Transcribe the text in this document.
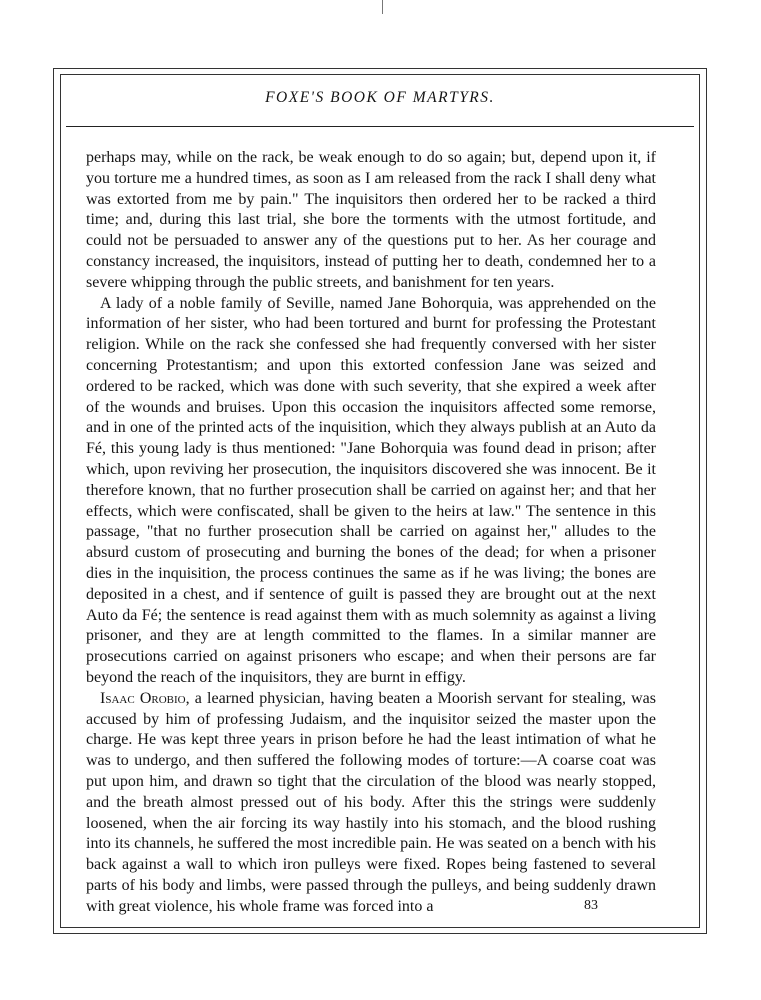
FOXE'S BOOK OF MARTYRS.

perhaps may, while on the rack, be weak enough to do so again; but, depend upon it, if you torture me a hundred times, as soon as I am released from the rack I shall deny what was extorted from me by pain." The inquisitors then ordered her to be racked a third time; and, during this last trial, she bore the torments with the utmost fortitude, and could not be persuaded to answer any of the questions put to her. As her courage and constancy increased, the inquisitors, instead of putting her to death, condemned her to a severe whipping through the public streets, and banishment for ten years.

A lady of a noble family of Seville, named Jane Bohorquia, was apprehended on the information of her sister, who had been tortured and burnt for professing the Protestant religion. While on the rack she confessed she had frequently conversed with her sister concerning Protestantism; and upon this extorted confession Jane was seized and ordered to be racked, which was done with such severity, that she expired a week after of the wounds and bruises. Upon this occasion the inquisitors affected some remorse, and in one of the printed acts of the inquisition, which they always publish at an Auto da Fé, this young lady is thus mentioned: "Jane Bohorquia was found dead in prison; after which, upon reviving her prosecution, the inquisitors discovered she was innocent. Be it therefore known, that no further prosecution shall be carried on against her; and that her effects, which were confiscated, shall be given to the heirs at law." The sentence in this passage, "that no further prosecution shall be carried on against her," alludes to the absurd custom of prosecuting and burning the bones of the dead; for when a prisoner dies in the inquisition, the process continues the same as if he was living; the bones are deposited in a chest, and if sentence of guilt is passed they are brought out at the next Auto da Fé; the sentence is read against them with as much solemnity as against a living prisoner, and they are at length committed to the flames. In a similar manner are prosecutions carried on against prisoners who escape; and when their persons are far beyond the reach of the inquisitors, they are burnt in effigy.

Isaac Orobio, a learned physician, having beaten a Moorish servant for stealing, was accused by him of professing Judaism, and the inquisitor seized the master upon the charge. He was kept three years in prison before he had the least intimation of what he was to undergo, and then suffered the following modes of torture:—A coarse coat was put upon him, and drawn so tight that the circulation of the blood was nearly stopped, and the breath almost pressed out of his body. After this the strings were suddenly loosened, when the air forcing its way hastily into his stomach, and the blood rushing into its channels, he suffered the most incredible pain. He was seated on a bench with his back against a wall to which iron pulleys were fixed. Ropes being fastened to several parts of his body and limbs, were passed through the pulleys, and being suddenly drawn with great violence, his whole frame was forced into a	83
